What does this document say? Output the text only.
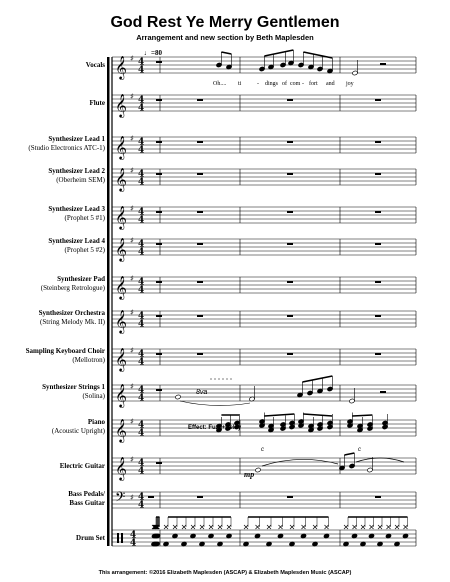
God Rest Ye Merry Gentlemen
Arrangement and new section by Beth Maplesden
♩=80
Vocals
Flute
Synthesizer Lead 1
(Studio Electronics ATC-1)
Synthesizer Lead 2
(Oberheim SEM)
Synthesizer Lead 3
(Prophet 5 #1)
Synthesizer Lead 4
(Prophet 5 #2)
Synthesizer Pad
(Steinberg Retrologue)
Synthesizer Orchestra
(String Melody Mk. II)
Sampling Keyboard Choir
(Mellotron)
Synthesizer Strings 1
(Solina)
Piano
(Acoustic Upright)
Electric Guitar
Bass Pedals/
Bass Guitar
Drum Set
𝄞 ♯ 4
4
𝄞 ♯ 4
4
𝄞 ♯ 4
4
𝄞 ♯ 4
4
𝄞 ♯ 4
4
𝄞 ♯ 4
4
𝄞 ♯ 4
4
𝄞 ♯ 4
4
𝄞 ♯ 4
4
𝄞 ♯ 4
4
𝄞 ♯ 4
4
𝄞 ♯ 4
4
𝄢 ♯ 4
4
4
4
Oh.... ti	- dings of com - fort and joy
Effect: Fuzz+Delay
c	c
8va
mp
This arrangement: ©2016 Elizabeth Maplesden (ASCAP) & Elizabeth Maplesden Music (ASCAP)
